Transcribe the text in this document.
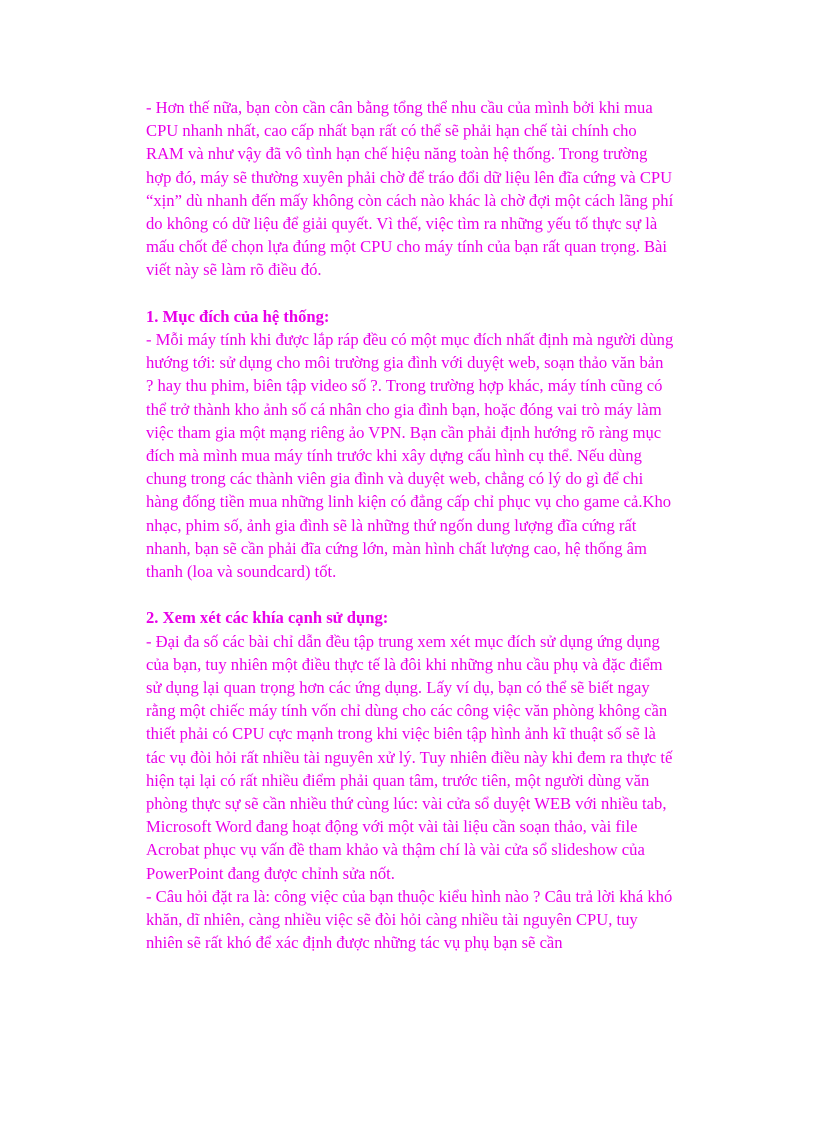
- Hơn thế nữa, bạn còn cần cân bằng tổng thể nhu cầu của mình bởi khi mua CPU nhanh nhất, cao cấp nhất bạn rất có thể sẽ phải hạn chế tài chính cho RAM và như vậy đã vô tình hạn chế hiệu năng toàn hệ thống. Trong trường hợp đó, máy sẽ thường xuyên phải chờ để tráo đổi dữ liệu lên đĩa cứng và CPU “xịn” dù nhanh đến mấy không còn cách nào khác là chờ đợi một cách lãng phí do không có dữ liệu để giải quyết. Vì thế, việc tìm ra những yếu tố thực sự là mấu chốt để chọn lựa đúng một CPU cho máy tính của bạn rất quan trọng. Bài viết này sẽ làm rõ điều đó.

1. Mục đích của hệ thống:

- Mỗi máy tính khi được lắp ráp đều có một mục đích nhất định mà người dùng hướng tới: sử dụng cho môi trường gia đình với duyệt web, soạn thảo văn bản ? hay thu phim, biên tập video số ?. Trong trường hợp khác, máy tính cũng có thể trở thành kho ảnh số cá nhân cho gia đình bạn, hoặc đóng vai trò máy làm việc tham gia một mạng riêng ảo VPN. Bạn cần phải định hướng rõ ràng mục đích mà mình mua máy tính trước khi xây dựng cấu hình cụ thể. Nếu dùng chung trong các thành viên gia đình và duyệt web, chẳng có lý do gì để chi hàng đống tiền mua những linh kiện có đẳng cấp chỉ phục vụ cho game cả.Kho nhạc, phim số, ảnh gia đình sẽ là những thứ ngốn dung lượng đĩa cứng rất nhanh, bạn sẽ cần phải đĩa cứng lớn, màn hình chất lượng cao, hệ thống âm thanh (loa và soundcard) tốt.

2. Xem xét các khía cạnh sử dụng:

- Đại đa số các bài chỉ dẫn đều tập trung xem xét mục đích sử dụng ứng dụng của bạn, tuy nhiên một điều thực tế là đôi khi những nhu cầu phụ và đặc điểm sử dụng lại quan trọng hơn các ứng dụng. Lấy ví dụ, bạn có thể sẽ biết ngay rằng một chiếc máy tính vốn chỉ dùng cho các công việc văn phòng không cần thiết phải có CPU cực mạnh trong khi việc biên tập hình ảnh kĩ thuật số sẽ là tác vụ đòi hỏi rất nhiều tài nguyên xử lý. Tuy nhiên điều này khi đem ra thực tế hiện tại lại có rất nhiều điểm phải quan tâm, trước tiên, một người dùng văn phòng thực sự sẽ cần nhiều thứ cùng lúc: vài cửa sổ duyệt WEB với nhiều tab, Microsoft Word đang hoạt động với một vài tài liệu cần soạn thảo, vài file Acrobat phục vụ vấn đề tham khảo và thậm chí là vài cửa sổ slideshow của PowerPoint đang được chỉnh sửa nốt.

- Câu hỏi đặt ra là: công việc của bạn thuộc kiểu hình nào ? Câu trả lời khá khó khăn, dĩ nhiên, càng nhiều việc sẽ đòi hỏi càng nhiều tài nguyên CPU, tuy nhiên sẽ rất khó để xác định được những tác vụ phụ bạn sẽ cần
